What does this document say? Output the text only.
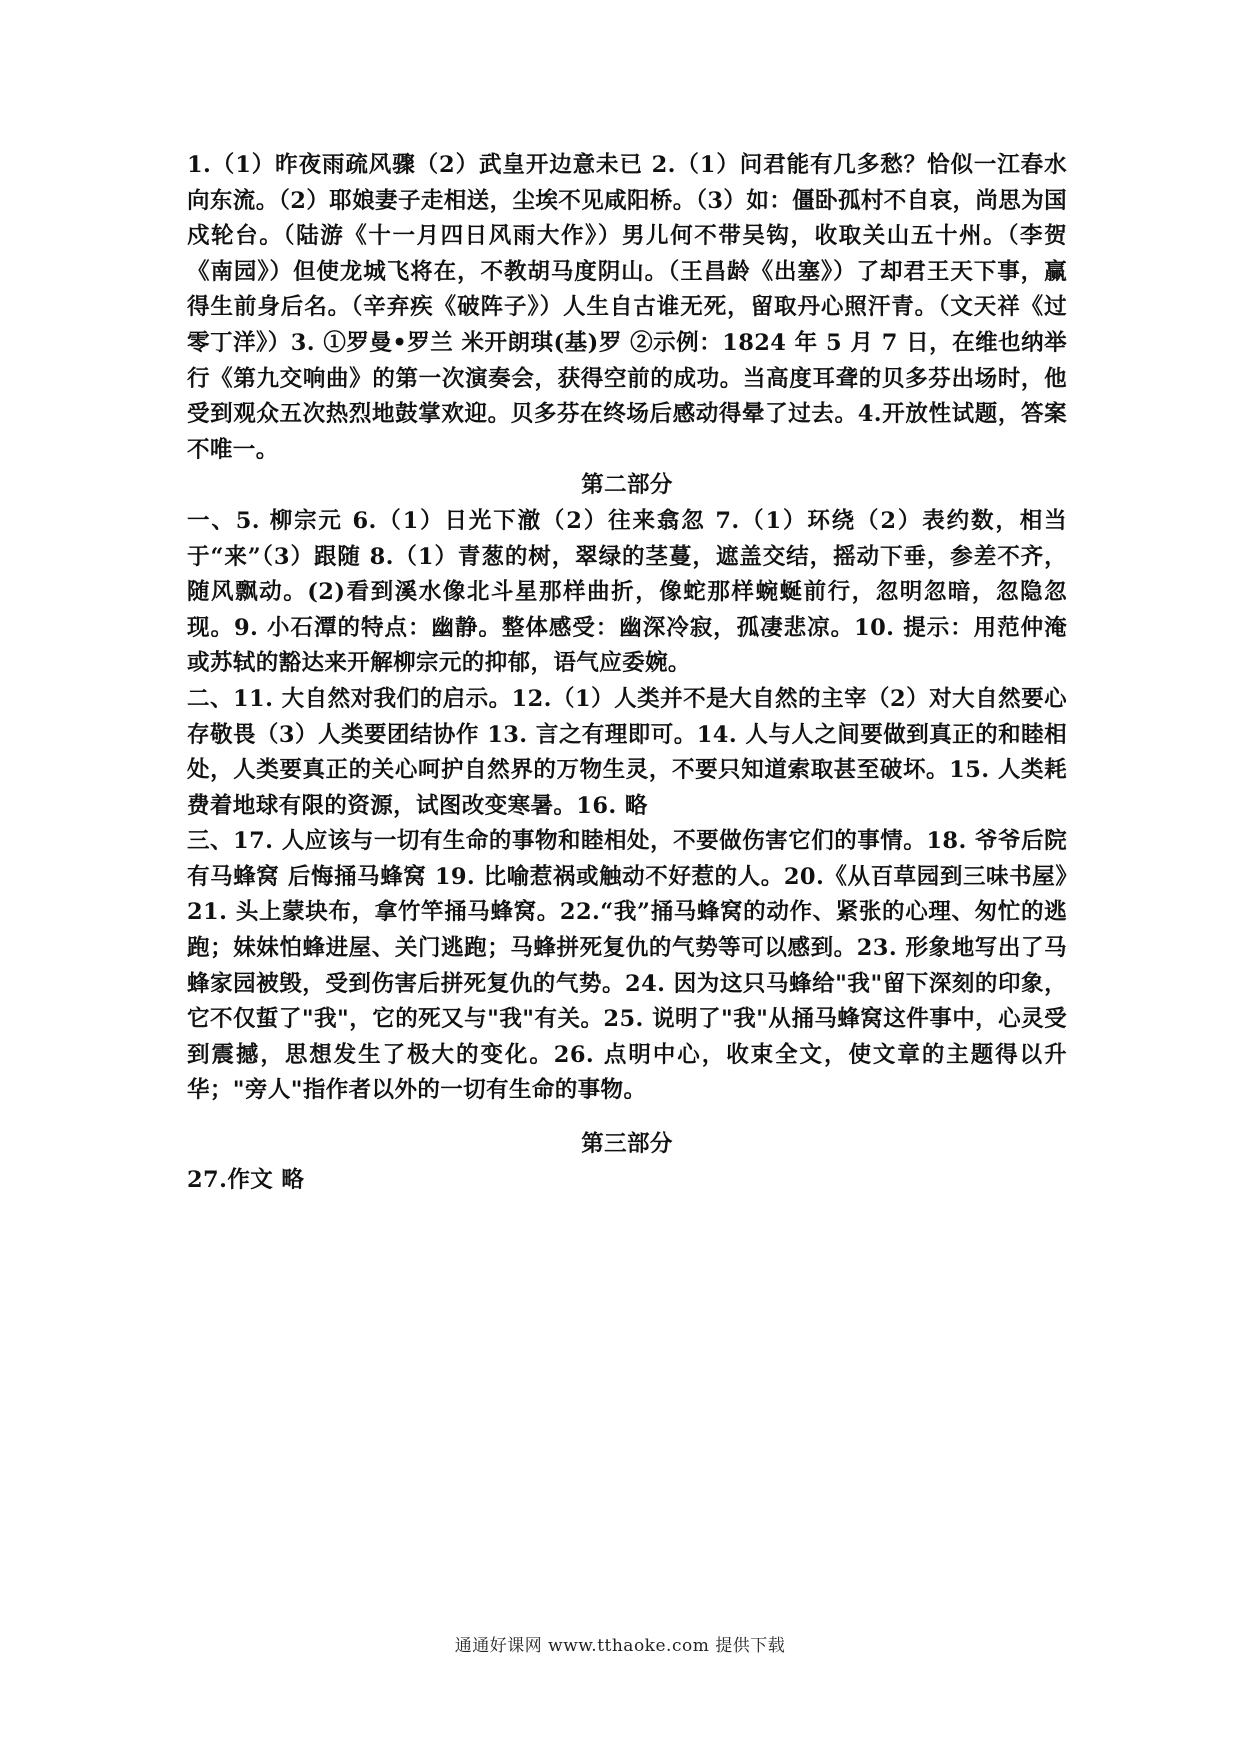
1.（1）昨夜雨疏风骤（2）武皇开边意未已 2.（1）问君能有几多愁？恰似一江春水向东流。（2）耶娘妻子走相送，尘埃不见咸阳桥。（3）如：僵卧孤村不自哀，尚思为国戍轮台。（陆游《十一月四日风雨大作》）男儿何不带吴钩，收取关山五十州。（李贺《南园》）但使龙城飞将在，不教胡马度阴山。（王昌龄《出塞》）了却君王天下事，赢得生前身后名。（辛弃疾《破阵子》）人生自古谁无死，留取丹心照汗青。（文天祥《过零丁洋》）3. ①罗曼•罗兰 米开朗琪(基)罗 ②示例：1824 年 5 月 7 日，在维也纳举行《第九交响曲》的第一次演奏会，获得空前的成功。当高度耳聋的贝多芬出场时，他受到观众五次热烈地鼓掌欢迎。贝多芬在终场后感动得晕了过去。4.开放性试题，答案不唯一。

第二部分

一、5. 柳宗元 6.（1）日光下澈（2）往来翕忽 7.（1）环绕（2）表约数，相当于“来”（3）跟随 8.（1）青葱的树，翠绿的茎蔓，遮盖交结，摇动下垂，参差不齐，随风飘动。(2)看到溪水像北斗星那样曲折，像蛇那样蜿蜒前行，忽明忽暗，忽隐忽现。9. 小石潭的特点：幽静。整体感受：幽深冷寂，孤凄悲凉。10. 提示：用范仲淹或苏轼的豁达来开解柳宗元的抑郁，语气应委婉。

二、11. 大自然对我们的启示。12.（1）人类并不是大自然的主宰（2）对大自然要心存敬畏（3）人类要团结协作 13. 言之有理即可。14. 人与人之间要做到真正的和睦相处，人类要真正的关心呵护自然界的万物生灵，不要只知道索取甚至破坏。15. 人类耗费着地球有限的资源，试图改变寒暑。16. 略

三、17. 人应该与一切有生命的事物和睦相处，不要做伤害它们的事情。18. 爷爷后院有马蜂窝 后悔捅马蜂窝 19. 比喻惹祸或触动不好惹的人。20.《从百草园到三味书屋》21. 头上蒙块布，拿竹竿捅马蜂窝。22.“我”捅马蜂窝的动作、紧张的心理、匆忙的逃跑；妹妹怕蜂进屋、关门逃跑；马蜂拼死复仇的气势等可以感到。23. 形象地写出了马蜂家园被毁，受到伤害后拼死复仇的气势。24. 因为这只马蜂给"我"留下深刻的印象，它不仅蜇了"我"，它的死又与"我"有关。25. 说明了"我"从捅马蜂窝这件事中，心灵受到震撼，思想发生了极大的变化。26. 点明中心，收束全文，使文章的主题得以升华；"旁人"指作者以外的一切有生命的事物。

第三部分

27.作文 略

通通好课网 www.tthaoke.com 提供下载
